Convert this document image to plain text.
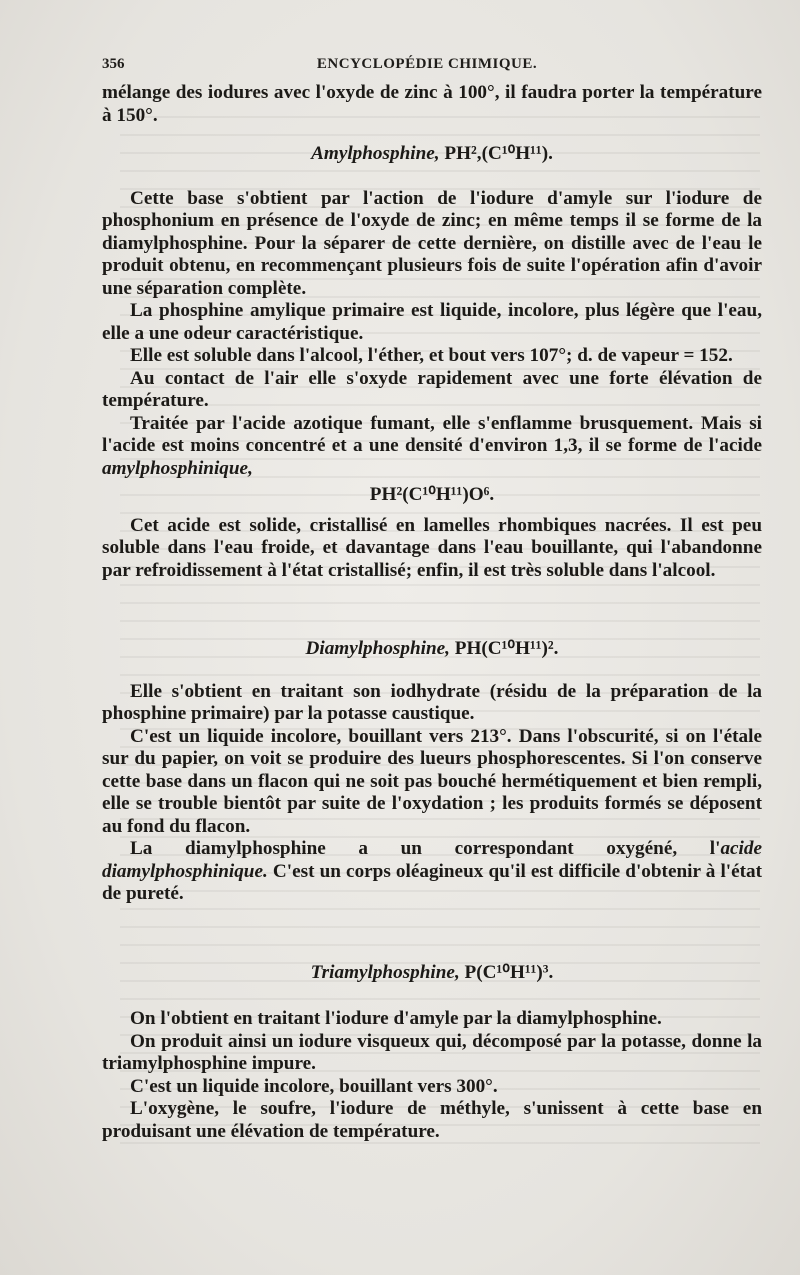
356	ENCYCLOPÉDIE CHIMIQUE.

mélange des iodures avec l'oxyde de zinc à 100°, il faudra porter la température à 150°.

Amylphosphine, PH²,(C¹⁰H¹¹).

Cette base s'obtient par l'action de l'iodure d'amyle sur l'iodure de phosphonium en présence de l'oxyde de zinc; en même temps il se forme de la diamylphosphine. Pour la séparer de cette dernière, on distille avec de l'eau le produit obtenu, en recommençant plusieurs fois de suite l'opération afin d'avoir une séparation complète.

La phosphine amylique primaire est liquide, incolore, plus légère que l'eau, elle a une odeur caractéristique.

Elle est soluble dans l'alcool, l'éther, et bout vers 107°; d. de vapeur = 152.

Au contact de l'air elle s'oxyde rapidement avec une forte élévation de température.

Traitée par l'acide azotique fumant, elle s'enflamme brusquement. Mais si l'acide est moins concentré et a une densité d'environ 1,3, il se forme de l'acide amylphosphinique,

PH²(C¹⁰H¹¹)O⁶.

Cet acide est solide, cristallisé en lamelles rhombiques nacrées. Il est peu soluble dans l'eau froide, et davantage dans l'eau bouillante, qui l'abandonne par refroidissement à l'état cristallisé; enfin, il est très soluble dans l'alcool.

Diamylphosphine, PH(C¹⁰H¹¹)².

Elle s'obtient en traitant son iodhydrate (résidu de la préparation de la phosphine primaire) par la potasse caustique.

C'est un liquide incolore, bouillant vers 213°. Dans l'obscurité, si on l'étale sur du papier, on voit se produire des lueurs phosphorescentes. Si l'on conserve cette base dans un flacon qui ne soit pas bouché hermétiquement et bien rempli, elle se trouble bientôt par suite de l'oxydation ; les produits formés se déposent au fond du flacon.

La diamylphosphine a un correspondant oxygéné, l'acide diamylphosphinique. C'est un corps oléagineux qu'il est difficile d'obtenir à l'état de pureté.

Triamylphosphine, P(C¹⁰H¹¹)³.

On l'obtient en traitant l'iodure d'amyle par la diamylphosphine.

On produit ainsi un iodure visqueux qui, décomposé par la potasse, donne la triamylphosphine impure.

C'est un liquide incolore, bouillant vers 300°.

L'oxygène, le soufre, l'iodure de méthyle, s'unissent à cette base en produisant une élévation de température.
